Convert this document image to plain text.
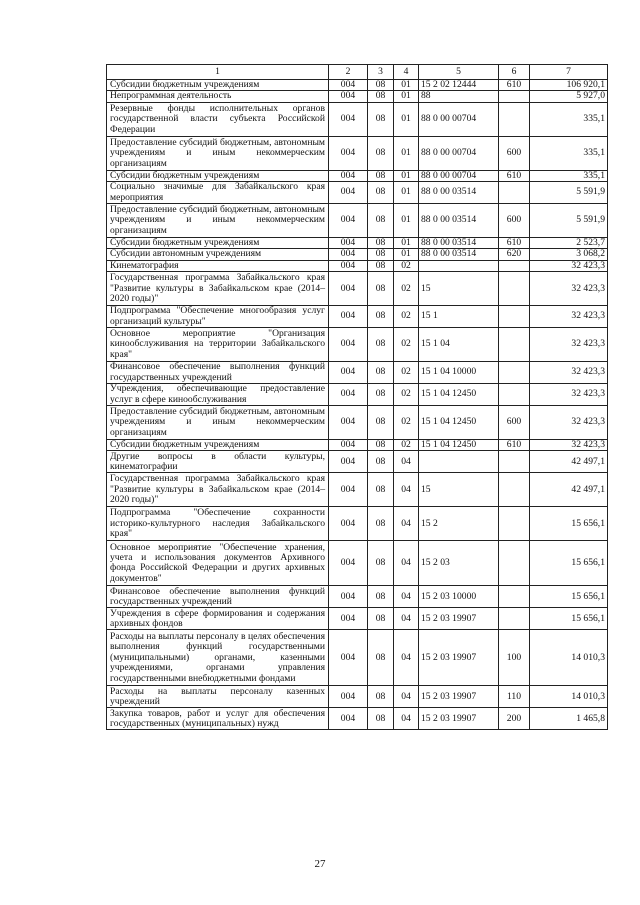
1	2	3	4	5	6	7
Субсидии бюджетным учреждениям	004	08	01	15 2 02 12444	610	106 920,1
Непрограммная деятельность	004	08	01	88		5 927,0
Резервные фонды исполнительных органов государственной власти субъекта Российской Федерации	004	08	01	88 0 00 00704		335,1
Предоставление субсидий бюджетным, автономным учреждениям и иным некоммерческим организациям	004	08	01	88 0 00 00704	600	335,1
Субсидии бюджетным учреждениям	004	08	01	88 0 00 00704	610	335,1
Социально значимые для Забайкальского края мероприятия	004	08	01	88 0 00 03514		5 591,9
Предоставление субсидий бюджетным, автономным учреждениям и иным некоммерческим организациям	004	08	01	88 0 00 03514	600	5 591,9
Субсидии бюджетным учреждениям	004	08	01	88 0 00 03514	610	2 523,7
Субсидии автономным учреждениям	004	08	01	88 0 00 03514	620	3 068,2
Кинематография	004	08	02			32 423,3
Государственная программа Забайкальского края "Развитие культуры в Забайкальском крае (2014–2020 годы)"	004	08	02	15		32 423,3
Подпрограмма "Обеспечение многообразия услуг организаций культуры"	004	08	02	15 1		32 423,3
Основное мероприятие "Организация кинообслуживания на территории Забайкальского края"	004	08	02	15 1 04		32 423,3
Финансовое обеспечение выполнения функций государственных учреждений	004	08	02	15 1 04 10000		32 423,3
Учреждения, обеспечивающие предоставление услуг в сфере кинообслуживания	004	08	02	15 1 04 12450		32 423,3
Предоставление субсидий бюджетным, автономным учреждениям и иным некоммерческим организациям	004	08	02	15 1 04 12450	600	32 423,3
Субсидии бюджетным учреждениям	004	08	02	15 1 04 12450	610	32 423,3
Другие вопросы в области культуры, кинематографии	004	08	04			42 497,1
Государственная программа Забайкальского края "Развитие культуры в Забайкальском крае (2014–2020 годы)"	004	08	04	15		42 497,1
Подпрограмма "Обеспечение сохранности историко-культурного наследия Забайкальского края"	004	08	04	15 2		15 656,1
Основное мероприятие "Обеспечение хранения, учета и использования документов Архивного фонда Российской Федерации и других архивных документов"	004	08	04	15 2 03		15 656,1
Финансовое обеспечение выполнения функций государственных учреждений	004	08	04	15 2 03 10000		15 656,1
Учреждения в сфере формирования и содержания архивных фондов	004	08	04	15 2 03 19907		15 656,1
Расходы на выплаты персоналу в целях обеспечения выполнения функций государственными (муниципальными) органами, казенными учреждениями, органами управления государственными внебюджетными фондами	004	08	04	15 2 03 19907	100	14 010,3
Расходы на выплаты персоналу казенных учреждений	004	08	04	15 2 03 19907	110	14 010,3
Закупка товаров, работ и услуг для обеспечения государственных (муниципальных) нужд	004	08	04	15 2 03 19907	200	1 465,8
27
